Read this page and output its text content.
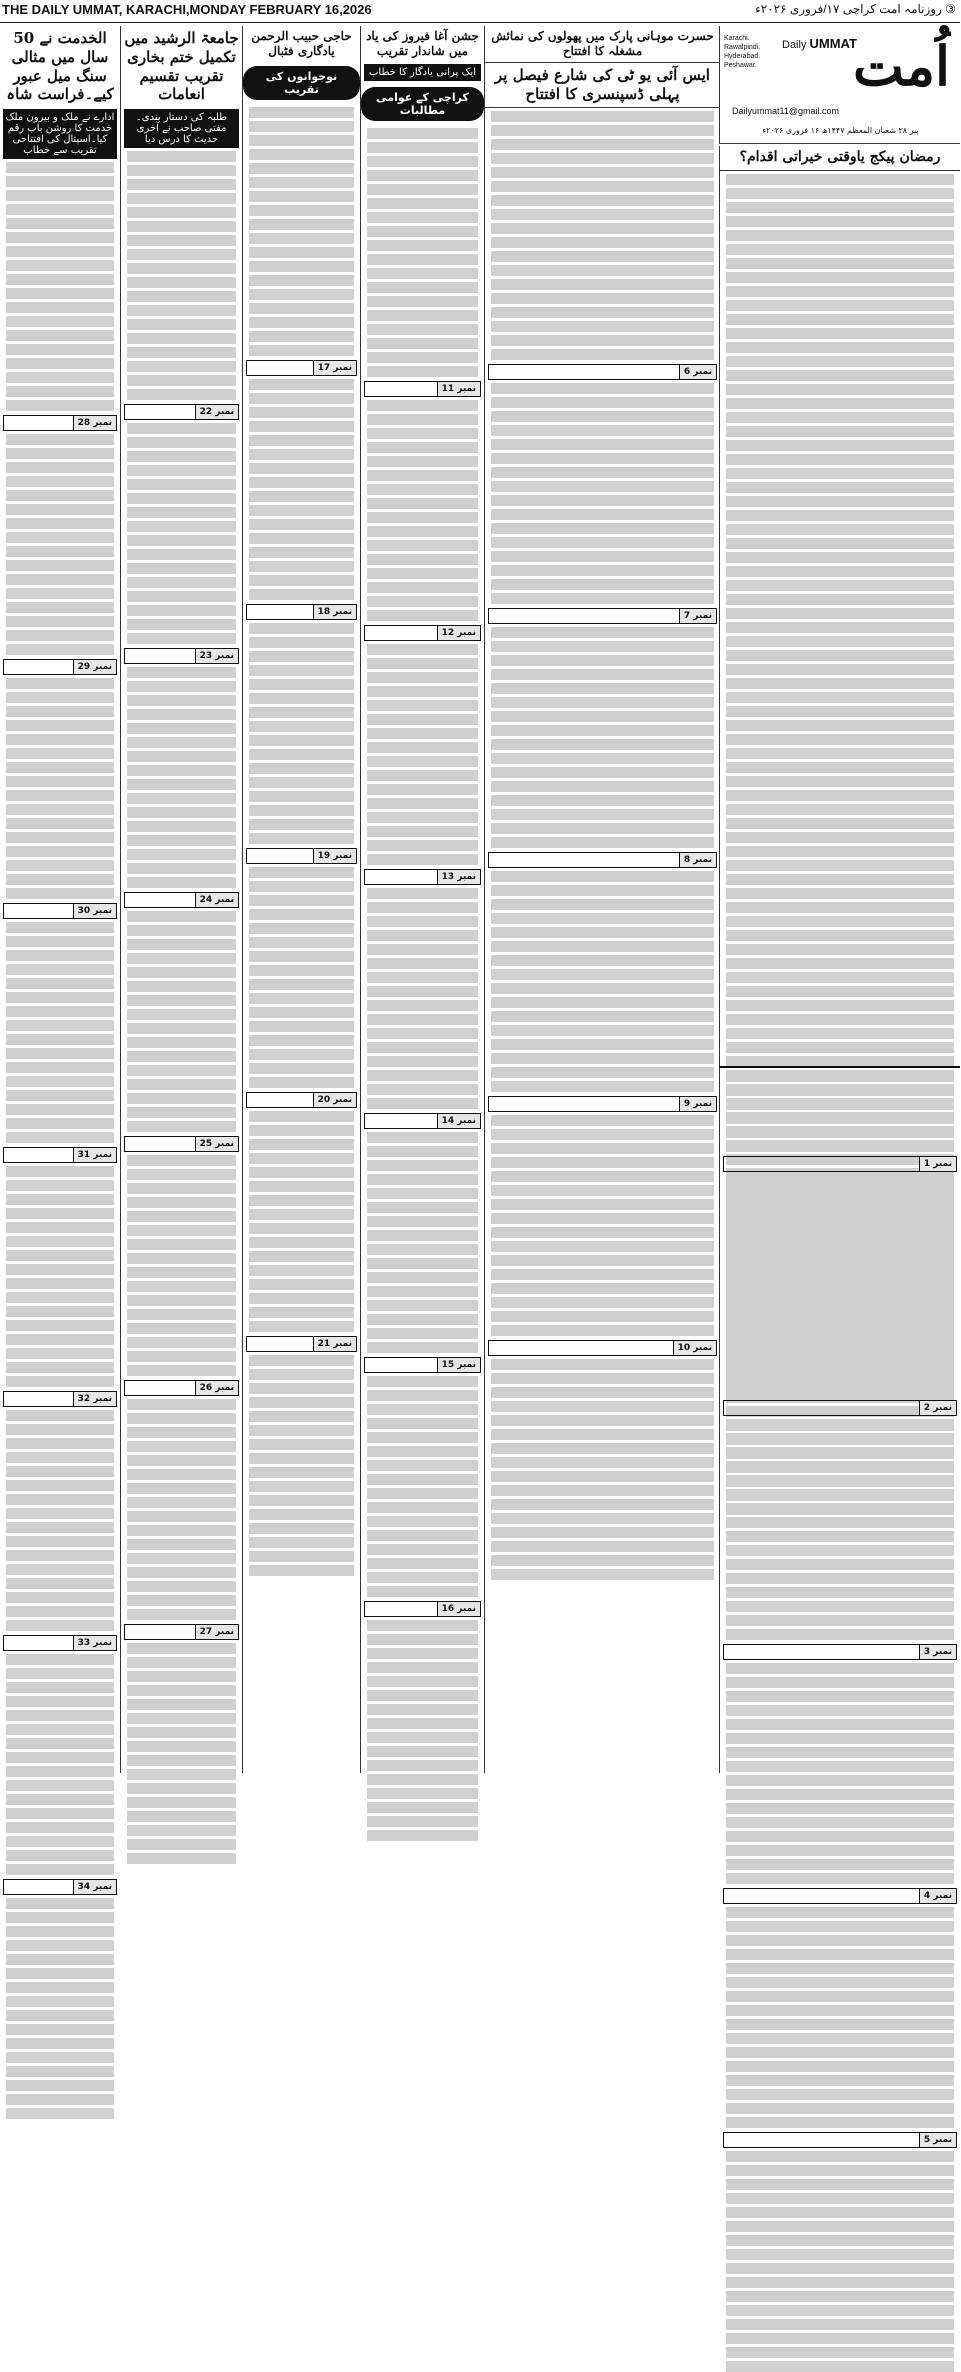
THE DAILY UMMAT, KARACHI,MONDAY FEBRUARY 16,2026	③ روزنامہ امت کراچی ۱۷/فروری ۲۰۲۶ء
الخدمت نے 50 سال میں مثالی سنگ میل عبور کیے۔فراست شاہ
ادارے نے ملک و بیرون ملک خدمت کا روشن باب رقم کیا۔اسپتال کی افتتاحی تقریب سے خطاب
نمبر 28
نمبر 29
نمبر 30
نمبر 31
نمبر 32
نمبر 33
نمبر 34
جامعۃ الرشید میں تکمیل ختم بخاری تقریب تقسیم انعامات
طلبہ کی دستار بندی۔ مفتی صاحب نے آخری حدیث کا درس دیا
نمبر 22
نمبر 23
نمبر 24
نمبر 25
نمبر 26
نمبر 27
حاجی حبیب الرحمن یادگاری فٹبال
نوجوانوں کی تقریب
نمبر 17
نمبر 18
نمبر 19
نمبر 20
نمبر 21
جشن آغا فیروز کی یاد میں شاندار تقریب
ایک پرانی یادگار کا خطاب
کراچی کے عوامی مطالبات
نمبر 11
نمبر 12
نمبر 13
نمبر 14
نمبر 15
نمبر 16
حسرت موہانی پارک میں پھولوں کی نمائش مشغلہ کا افتتاح
ایس آئی یو ٹی کی شارع فیصل پر پہلی ڈسپنسری کا افتتاح
نمبر 6
نمبر 7
نمبر 8
نمبر 9
نمبر 10
اُمت
Daily UMMAT
Karachi.
Rawalpindi.
Hyderabad.
Peshawar.
Dailyummat11@gmail.com
پیر ۲۸ شعبان المعظم ۱۴۴۷ھ ۱۶ فروری ۲۰۲۶ء
رمضان پیکج یاوقتی خیراتی اقدام؟
نمبر 1
نمبر 2
نمبر 3
نمبر 4
نمبر 5
